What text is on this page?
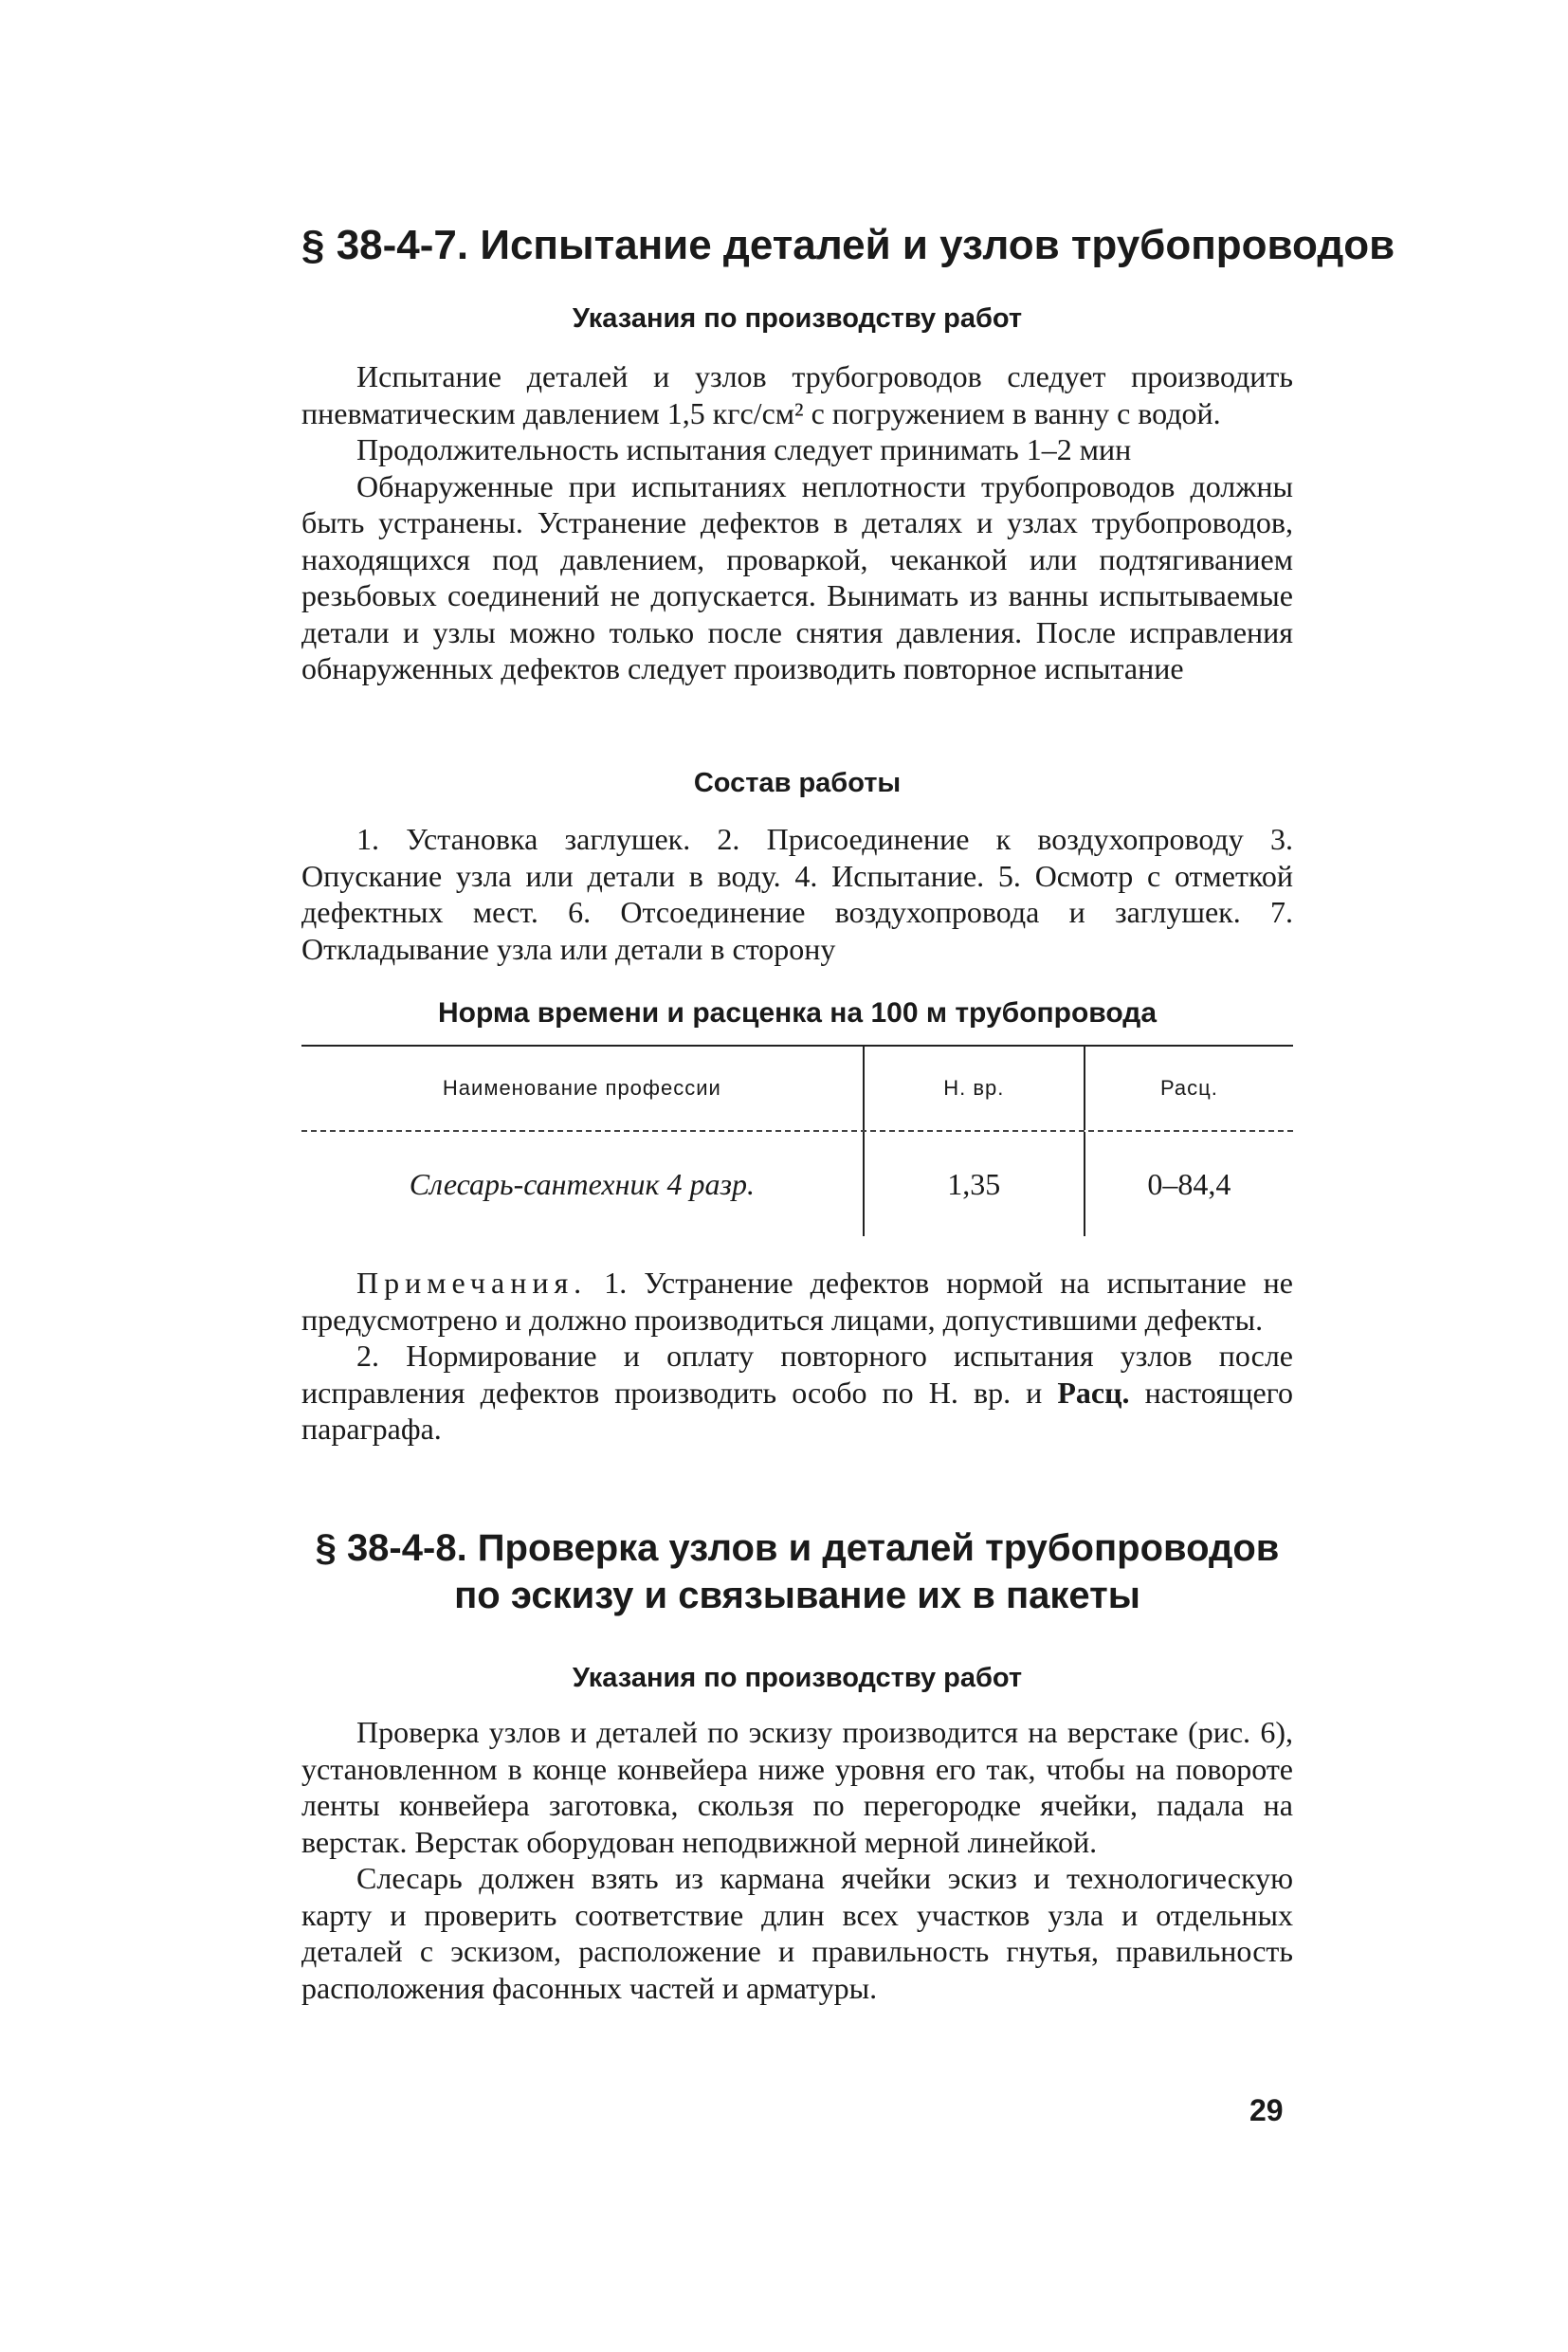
§ 38-4-7. Испытание деталей и узлов трубопроводов
Указания по производству работ

Испытание деталей и узлов трубогроводов следует производить пневматическим давлением 1,5 кгс/см² с погружением в ванну с водой.

Продолжительность испытания следует принимать 1–2 мин

Обнаруженные при испытаниях неплотности трубопроводов должны быть устранены. Устранение дефектов в деталях и узлах трубопроводов, находящихся под давлением, проваркой, чеканкой или подтягиванием резьбовых соединений не допускается. Вынимать из ванны испытываемые детали и узлы можно только после снятия давления. После исправления обнаруженных дефектов следует производить повторное испытание

Состав работы

1. Установка заглушек. 2. Присоединение к воздухопроводу 3. Опускание узла или детали в воду. 4. Испытание. 5. Осмотр с отметкой дефектных мест. 6. Отсоединение воздухопровода и заглушек. 7. Откладывание узла или детали в сторону

Норма времени и расценка на 100 м трубопровода

Наименование профессии	Н. вр.	Расц.
Слесарь-сантехник 4 разр.	1,35	0–84,4

Примечания. 1. Устранение дефектов нормой на испытание не предусмотрено и должно производиться лицами, допустившими дефекты.

2. Нормирование и оплату повторного испытания узлов после исправления дефектов производить особо по Н. вр. и Расц. настоящего параграфа.

§ 38-4-8. Проверка узлов и деталей трубопроводов
по эскизу и связывание их в пакеты
Указания по производству работ

Проверка узлов и деталей по эскизу производится на верстаке (рис. 6), установленном в конце конвейера ниже уровня его так, чтобы на повороте ленты конвейера заготовка, скользя по перегородке ячейки, падала на верстак. Верстак оборудован неподвижной мерной линейкой.

Слесарь должен взять из кармана ячейки эскиз и технологическую карту и проверить соответствие длин всех участков узла и отдельных деталей с эскизом, расположение и правильность гнутья, правильность расположения фасонных частей и арматуры.

29
